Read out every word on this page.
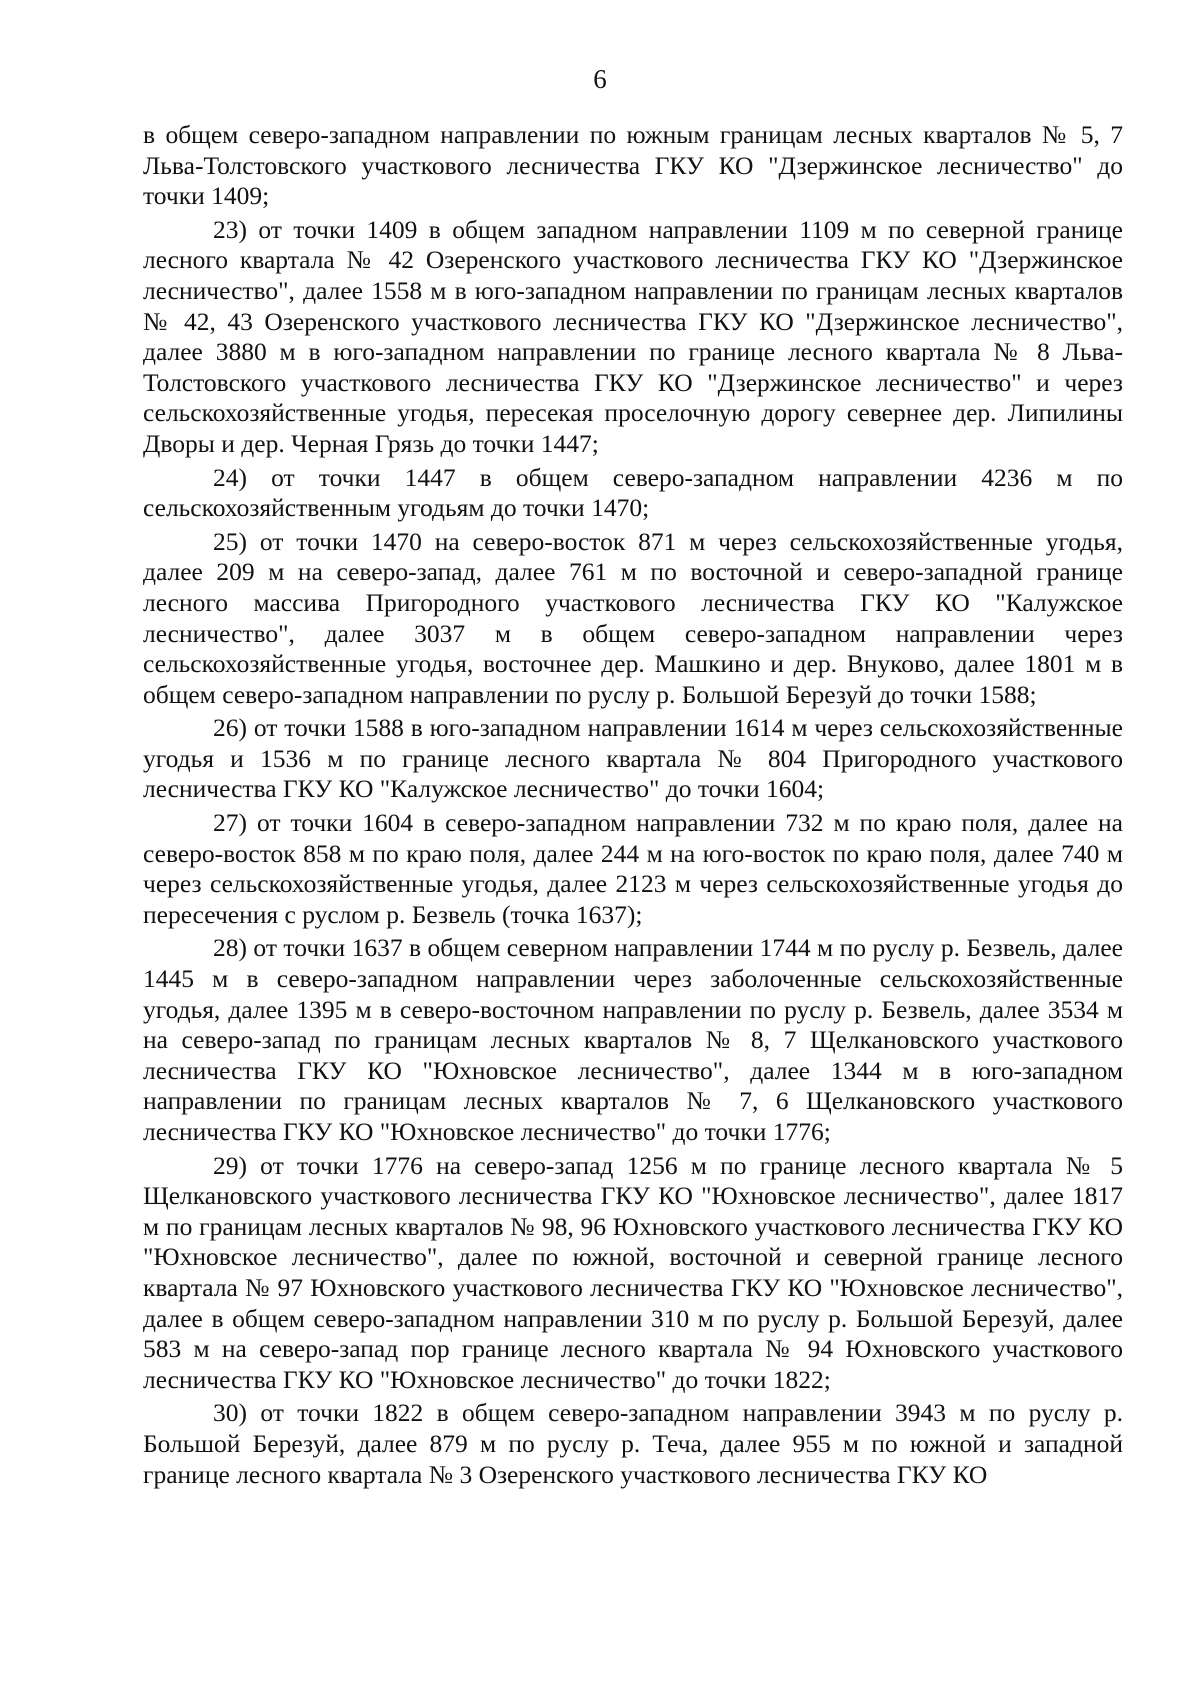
6

в общем северо-западном направлении по южным границам лесных кварталов № 5, 7 Льва-Толстовского участкового лесничества ГКУ КО "Дзержинское лесничество" до точки 1409;

23) от точки 1409 в общем западном направлении 1109 м по северной границе лесного квартала № 42 Озеренского участкового лесничества ГКУ КО "Дзержинское лесничество", далее 1558 м в юго-западном направлении по границам лесных кварталов № 42, 43 Озеренского участкового лесничества ГКУ КО "Дзержинское лесничество", далее 3880 м в юго-западном направлении по границе лесного квартала № 8 Льва-Толстовского участкового лесничества ГКУ КО "Дзержинское лесничество" и через сельскохозяйственные угодья, пересекая проселочную дорогу севернее дер. Липилины Дворы и дер. Черная Грязь до точки 1447;

24) от точки 1447 в общем северо-западном направлении 4236 м по сельскохозяйственным угодьям до точки 1470;

25) от точки 1470 на северо-восток 871 м через сельскохозяйственные угодья, далее 209 м на северо-запад, далее 761 м по восточной и северо-западной границе лесного массива Пригородного участкового лесничества ГКУ КО "Калужское лесничество", далее 3037 м в общем северо-западном направлении через сельскохозяйственные угодья, восточнее дер. Машкино и дер. Внуково, далее 1801 м в общем северо-западном направлении по руслу р. Большой Березуй до точки 1588;

26) от точки 1588 в юго-западном направлении 1614 м через сельскохозяйственные угодья и 1536 м по границе лесного квартала № 804 Пригородного участкового лесничества ГКУ КО "Калужское лесничество" до точки 1604;

27) от точки 1604 в северо-западном направлении 732 м по краю поля, далее на северо-восток 858 м по краю поля, далее 244 м на юго-восток по краю поля, далее 740 м через сельскохозяйственные угодья, далее 2123 м через сельскохозяйственные угодья до пересечения с руслом р. Безвель (точка 1637);

28) от точки 1637 в общем северном направлении 1744 м по руслу р. Безвель, далее 1445 м в северо-западном направлении через заболоченные сельскохозяйственные угодья, далее 1395 м в северо-восточном направлении по руслу р. Безвель, далее 3534 м на северо-запад по границам лесных кварталов № 8, 7 Щелкановского участкового лесничества ГКУ КО "Юхновское лесничество", далее 1344 м в юго-западном направлении по границам лесных кварталов № 7, 6 Щелкановского участкового лесничества ГКУ КО "Юхновское лесничество" до точки 1776;

29) от точки 1776 на северо-запад 1256 м по границе лесного квартала № 5 Щелкановского участкового лесничества ГКУ КО "Юхновское лесничество", далее 1817 м по границам лесных кварталов № 98, 96 Юхновского участкового лесничества ГКУ КО "Юхновское лесничество", далее по южной, восточной и северной границе лесного квартала № 97 Юхновского участкового лесничества ГКУ КО "Юхновское лесничество", далее в общем северо-западном направлении 310 м по руслу р. Большой Березуй, далее 583 м на северо-запад пор границе лесного квартала № 94 Юхновского участкового лесничества ГКУ КО "Юхновское лесничество" до точки 1822;

30) от точки 1822 в общем северо-западном направлении 3943 м по руслу р. Большой Березуй, далее 879 м по руслу р. Теча, далее 955 м по южной и западной границе лесного квартала № 3 Озеренского участкового лесничества ГКУ КО
